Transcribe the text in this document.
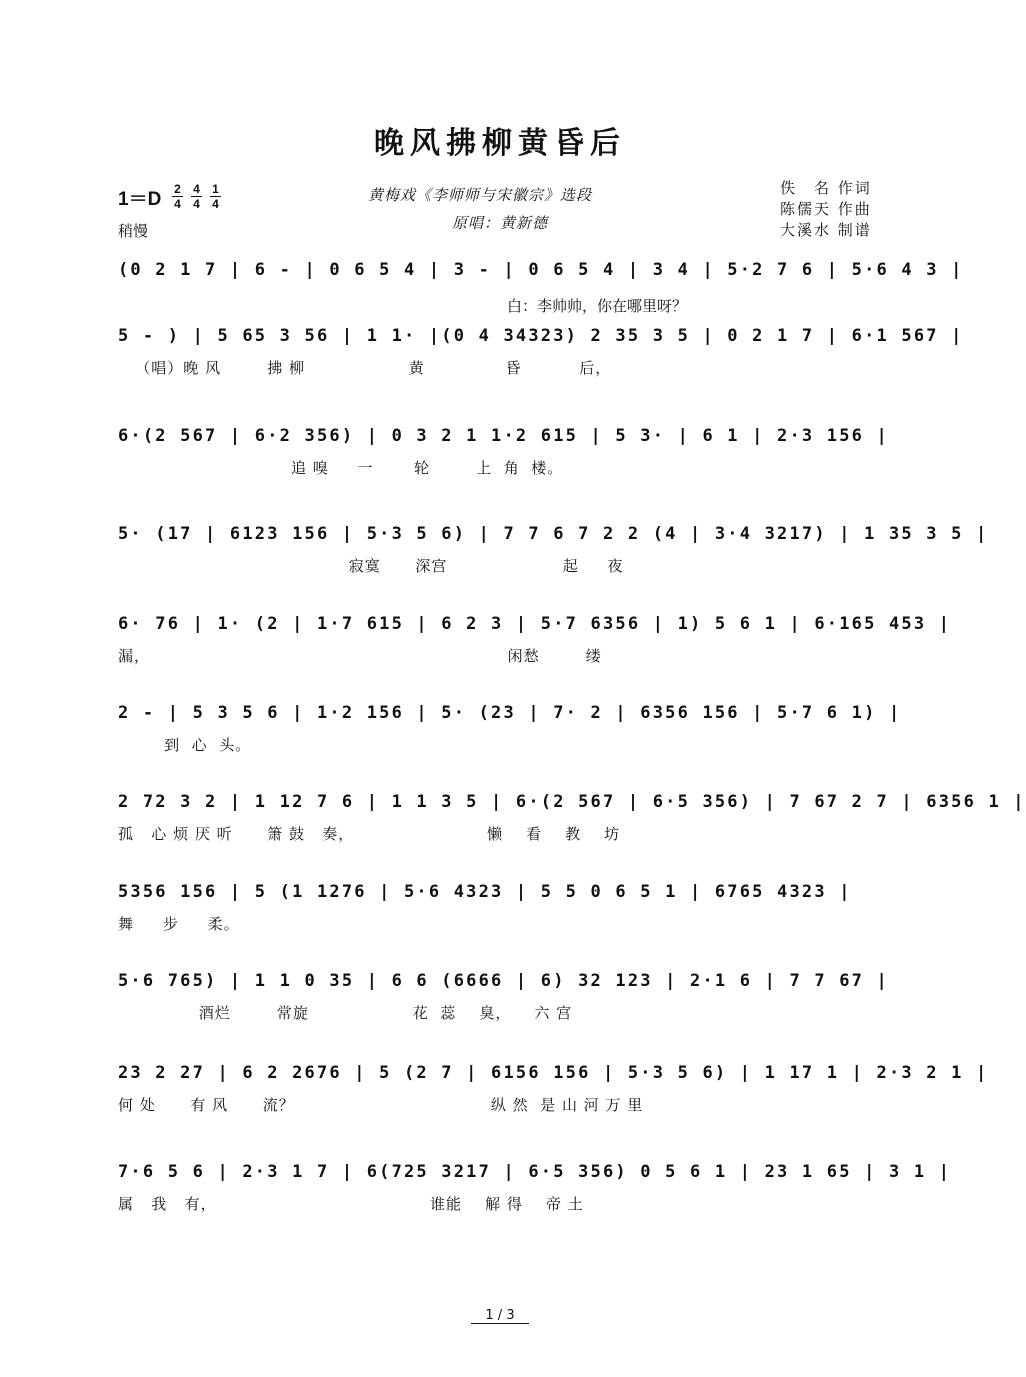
晚风拂柳黄昏后
1＝D 2
4
4
4
1
4
稍慢
黄梅戏《李师师与宋徽宗》选段
原唱：黄新德
佚　名 作词
陈儒天 作曲
大溪水 制谱
白：李帅帅，你在哪里呀？
(0 2 1 7 | 6 - | 0 6 5 4 | 3 - | 0 6 5 4 | 3 4 | 5·2 7 6 | 5·6 4 3 |
5 - ) | 5 65 3 56 | 1 1· |(0 4 34323) 2 35 3 5 | 0 2 1 7 | 6·1 567 |
（唱）晚 风        拂 柳                  黄              昏          后，
6·(2 567 | 6·2 356) | 0 3 2 1 1·2 615 | 5 3· | 6 1 | 2·3 156 |
追 嗅     一       轮        上  角  楼。
5· (17 | 6123 156 | 5·3 5 6) | 7 7 6 7 2 2 (4 | 3·4 3217) | 1 35 3 5 |
寂寞      深宫                    起     夜
6· 76 | 1· (2 | 1·7 615 | 6 2 3 | 5·7 6356 | 1) 5 6 1 | 6·165 453 |
漏，                                                              闲愁        缕
2 - | 5 3 5 6 | 1·2 156 | 5· (23 | 7· 2 | 6356 156 | 5·7 6 1) |
到  心  头。
2 72 3 2 | 1 12 7 6 | 1 1 3 5 | 6·(2 567 | 6·5 356) | 7 67 2 7 | 6356 1 |
孤   心 烦 厌 听      箫 鼓   奏，                       懒    看    教    坊
5356 156 | 5 (1 1276 | 5·6 4323 | 5 5 0 6 5 1 | 6765 4323 |
舞     步     柔。
5·6 765) | 1 1 0 35 | 6 6 (6666 | 6) 32 123 | 2·1 6 | 7 7 67 |
酒烂        常旋                  花  蕊    臭，    六 宫
23 2 27 | 6 2 2676 | 5 (2 7 | 6156 156 | 5·3 5 6) | 1 17 1 | 2·3 2 1 |
何 处      有 风      流？                                  纵 然  是 山 河 万 里
7·6 5 6 | 2·3 1 7 | 6(725 3217 | 6·5 356) 0 5 6 1 | 23 1 65 | 3 1 |
属   我   有，                                     谁能    解 得    帝 土
1 / 3
